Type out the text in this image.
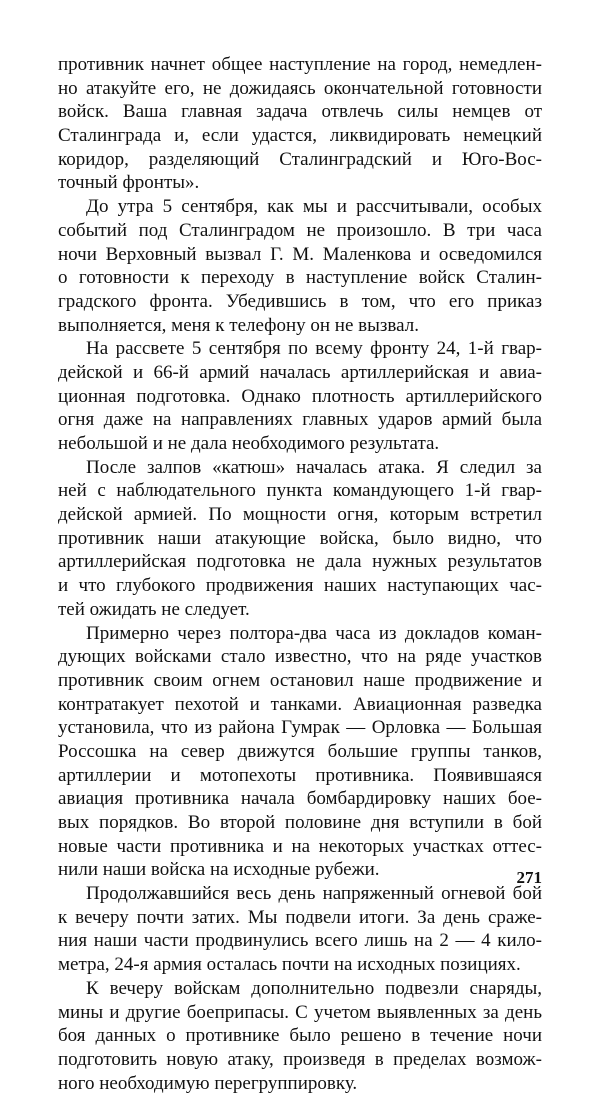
противник начнет общее наступление на город, немедлен-
но атакуйте его, не дожидаясь окончательной готовности
войск. Ваша главная задача отвлечь силы немцев от
Сталинграда и, если удастся, ликвидировать немецкий
коридор, разделяющий Сталинградский и Юго-Вос-
точный фронты».
До утра 5 сентября, как мы и рассчитывали, особых
событий под Сталинградом не произошло. В три часа
ночи Верховный вызвал Г. М. Маленкова и осведомился
о готовности к переходу в наступление войск Сталин-
градского фронта. Убедившись в том, что его приказ
выполняется, меня к телефону он не вызвал.
На рассвете 5 сентября по всему фронту 24, 1-й гвар-
дейской и 66-й армий началась артиллерийская и авиа-
ционная подготовка. Однако плотность артиллерийского
огня даже на направлениях главных ударов армий была
небольшой и не дала необходимого результата.
После залпов «катюш» началась атака. Я следил за
ней с наблюдательного пункта командующего 1-й гвар-
дейской армией. По мощности огня, которым встретил
противник наши атакующие войска, было видно, что
артиллерийская подготовка не дала нужных результатов
и что глубокого продвижения наших наступающих час-
тей ожидать не следует.
Примерно через полтора-два часа из докладов коман-
дующих войсками стало известно, что на ряде участков
противник своим огнем остановил наше продвижение и
контратакует пехотой и танками. Авиационная разведка
установила, что из района Гумрак — Орловка — Большая
Россошка на север движутся большие группы танков,
артиллерии и мотопехоты противника. Появившаяся
авиация противника начала бомбардировку наших бое-
вых порядков. Во второй половине дня вступили в бой
новые части противника и на некоторых участках оттес-
нили наши войска на исходные рубежи.
Продолжавшийся весь день напряженный огневой бой
к вечеру почти затих. Мы подвели итоги. За день сраже-
ния наши части продвинулись всего лишь на 2 — 4 кило-
метра, 24-я армия осталась почти на исходных позициях.
К вечеру войскам дополнительно подвезли снаряды,
мины и другие боеприпасы. С учетом выявленных за день
боя данных о противнике было решено в течение ночи
подготовить новую атаку, произведя в пределах возмож-
ного необходимую перегруппировку.
271
